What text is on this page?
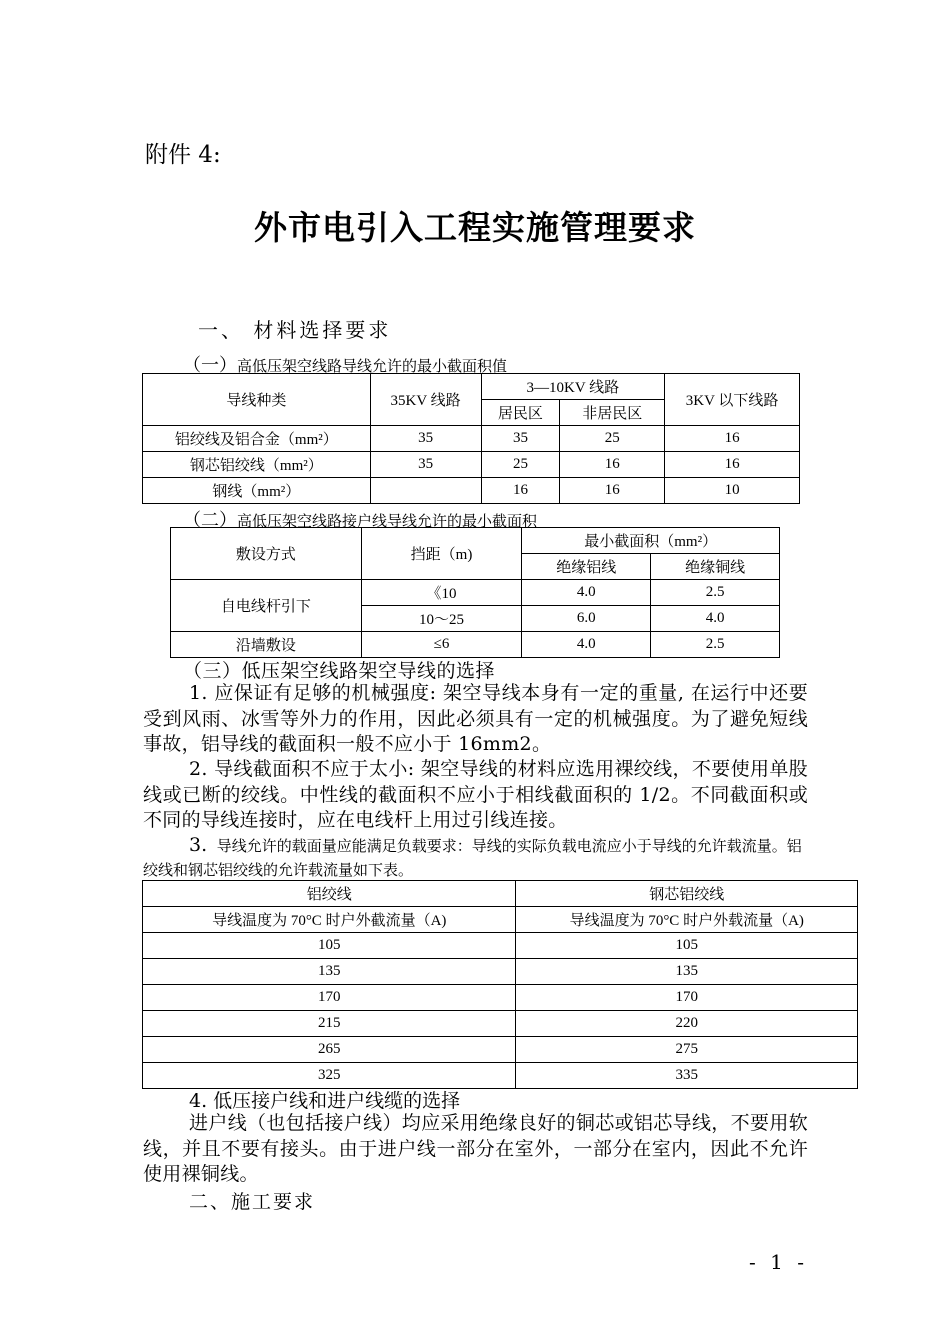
附件 4:
外市电引入工程实施管理要求
一、 材料选择要求
（一）高低压架空线路导线允许的最小截面积值
导线种类	35KV 线路	3—10KV 线路		3KV 以下线路
		居民区	非居民区	
铝绞线及铝合金（mm²）	35	35	25	16
钢芯铝绞线（mm²）	35	25	16	16
钢线（mm²）		16	16	10
（二）高低压架空线路接户线导线允许的最小截面积
敷设方式	挡距（m)	最小截面积（mm²）	
		绝缘铝线	绝缘铜线
自电线杆引下	《10	4.0	2.5
	10～25	6.0	4.0
沿墙敷设	≤6	4.0	2.5
（三）低压架空线路架空导线的选择
1. 应保证有足够的机械强度: 架空导线本身有一定的重量, 在运行中还要受到风雨、冰雪等外力的作用，因此必须具有一定的机械强度。为了避免短线事故，铝导线的截面积一般不应小于 16mm2。
2. 导线截面积不应于太小: 架空导线的材料应选用裸绞线，不要使用单股线或已断的绞线。中性线的截面积不应小于相线截面积的 1/2。不同截面积或不同的导线连接时，应在电线杆上用过引线连接。
3. 导线允许的载面量应能满足负载要求：导线的实际负载电流应小于导线的允许载流量。铝绞线和钢芯铝绞线的允许载流量如下表。
铝绞线	钢芯铝绞线
导线温度为 70°C 时户外截流量（A)	导线温度为 70°C 时户外载流量（A)
105	105
135	135
170	170
215	220
265	275
325	335
4. 低压接户线和进户线缆的选择
进户线（也包括接户线）均应采用绝缘良好的铜芯或铝芯导线，不要用软线，并且不要有接头。由于进户线一部分在室外，一部分在室内，因此不允许使用裸铜线。
二、施工要求
- 1 -
